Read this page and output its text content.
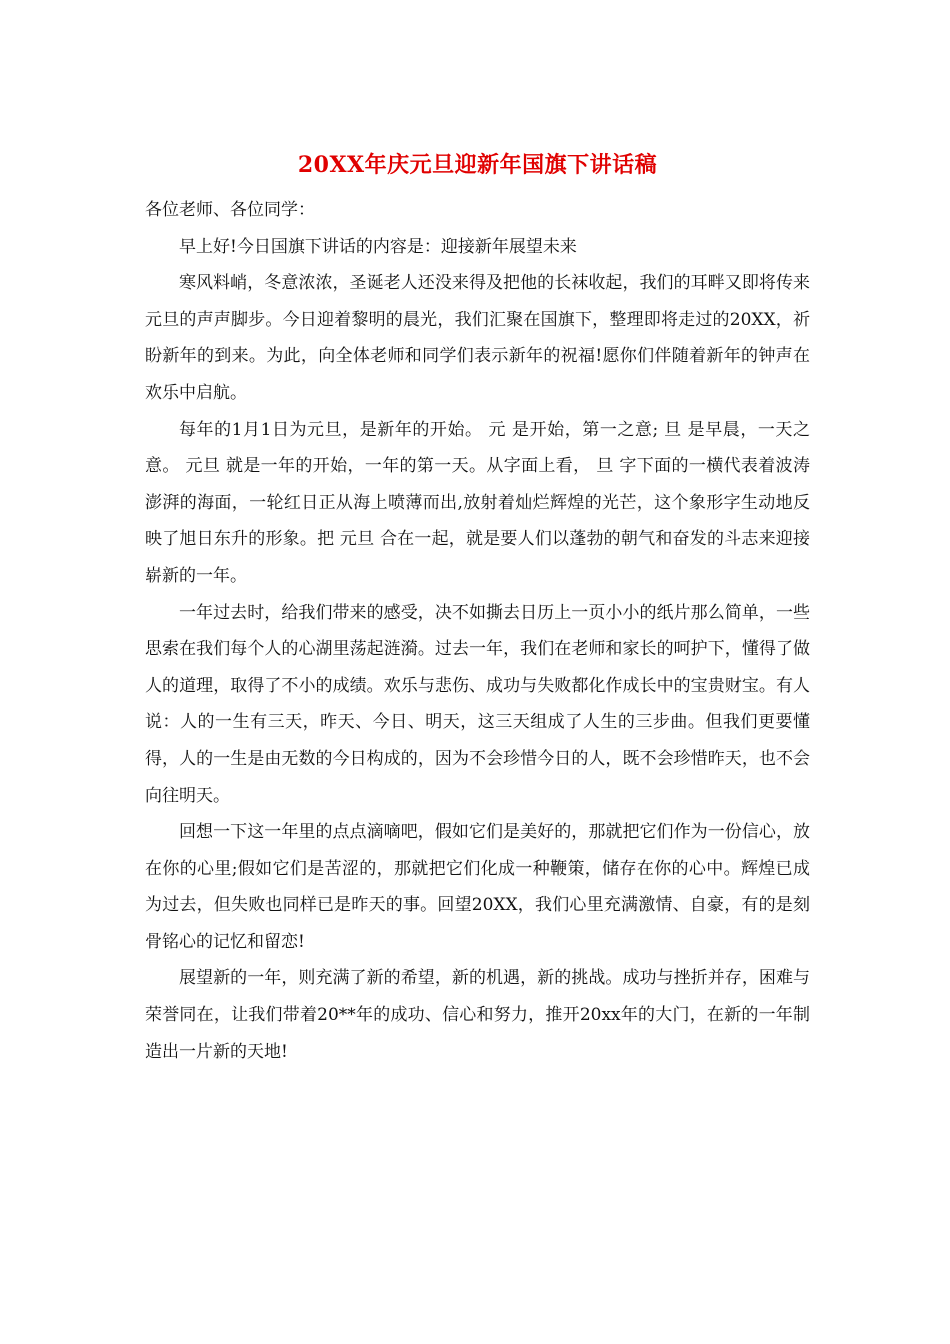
20XX年庆元旦迎新年国旗下讲话稿

各位老师、各位同学：

早上好!今日国旗下讲话的内容是：迎接新年展望未来

寒风料峭，冬意浓浓，圣诞老人还没来得及把他的长袜收起，我们的耳畔又即将传来元旦的声声脚步。今日迎着黎明的晨光，我们汇聚在国旗下，整理即将走过的20XX，祈盼新年的到来。为此，向全体老师和同学们表示新年的祝福!愿你们伴随着新年的钟声在欢乐中启航。

每年的1月1日为元旦，是新年的开始。 元 是开始，第一之意; 旦 是早晨，一天之意。 元旦 就是一年的开始，一年的第一天。从字面上看， 旦 字下面的一横代表着波涛澎湃的海面，一轮红日正从海上喷薄而出,放射着灿烂辉煌的光芒，这个象形字生动地反映了旭日东升的形象。把 元旦 合在一起，就是要人们以蓬勃的朝气和奋发的斗志来迎接崭新的一年。

一年过去时，给我们带来的感受，决不如撕去日历上一页小小的纸片那么简单，一些思索在我们每个人的心湖里荡起涟漪。过去一年，我们在老师和家长的呵护下，懂得了做人的道理，取得了不小的成绩。欢乐与悲伤、成功与失败都化作成长中的宝贵财宝。有人说：人的一生有三天，昨天、今日、明天，这三天组成了人生的三步曲。但我们更要懂得，人的一生是由无数的今日构成的，因为不会珍惜今日的人，既不会珍惜昨天，也不会向往明天。

回想一下这一年里的点点滴嘀吧，假如它们是美好的，那就把它们作为一份信心，放在你的心里;假如它们是苦涩的，那就把它们化成一种鞭策，储存在你的心中。辉煌已成为过去，但失败也同样已是昨天的事。回望20XX，我们心里充满激情、自豪，有的是刻骨铭心的记忆和留恋!

展望新的一年，则充满了新的希望，新的机遇，新的挑战。成功与挫折并存，困难与荣誉同在，让我们带着20**年的成功、信心和努力，推开20xx年的大门，在新的一年制造出一片新的天地!
